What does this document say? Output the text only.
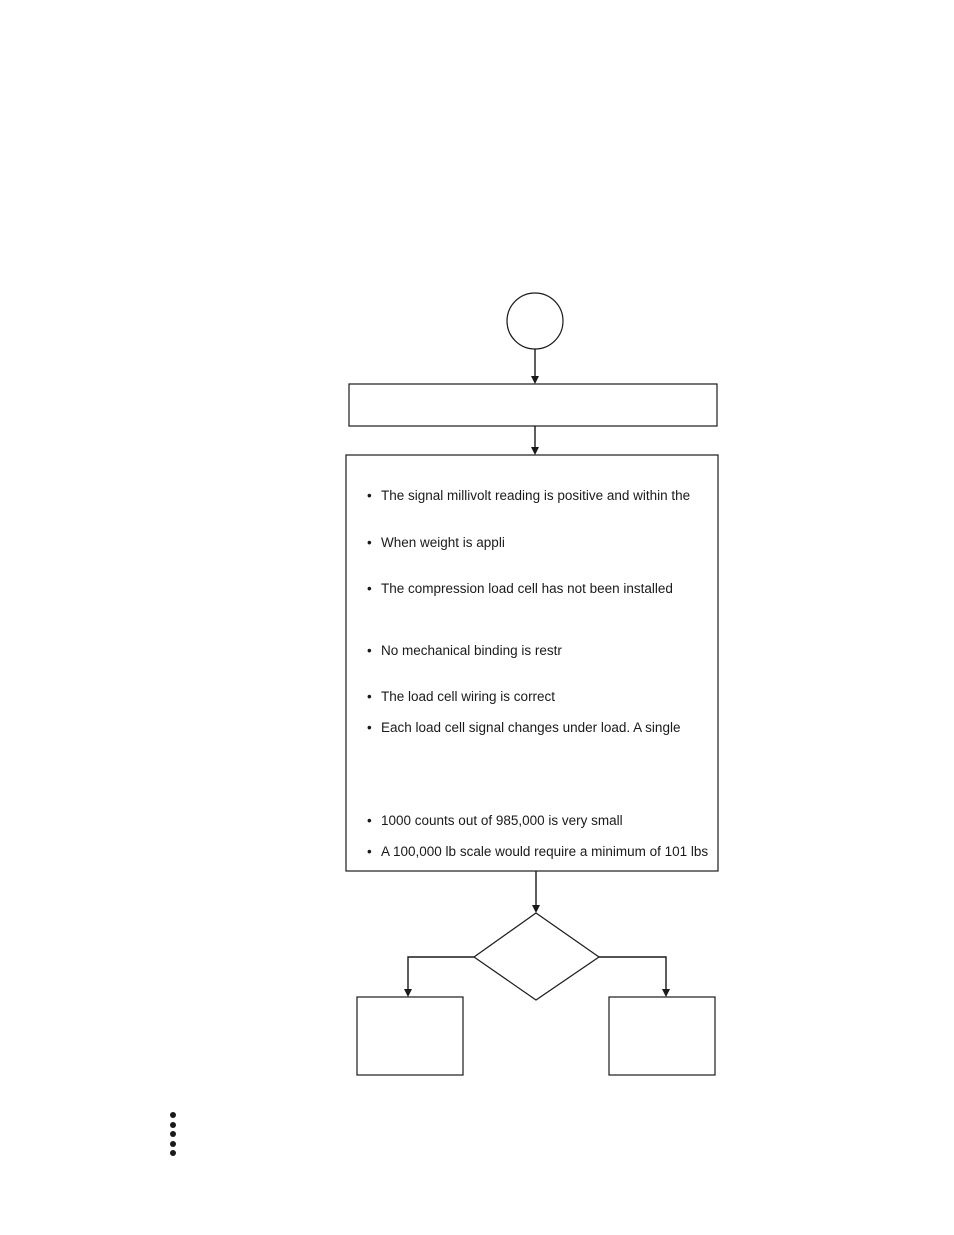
• The signal millivolt reading is positive and within the
• When weight is appli
• The compression load cell has not been installed
• No mechanical binding is restr
• The load cell wiring is correct
• Each load cell signal changes under load. A single
• 1000 counts out of 985,000 is very small
• A 100,000 lb scale would require a minimum of 101 lbs
